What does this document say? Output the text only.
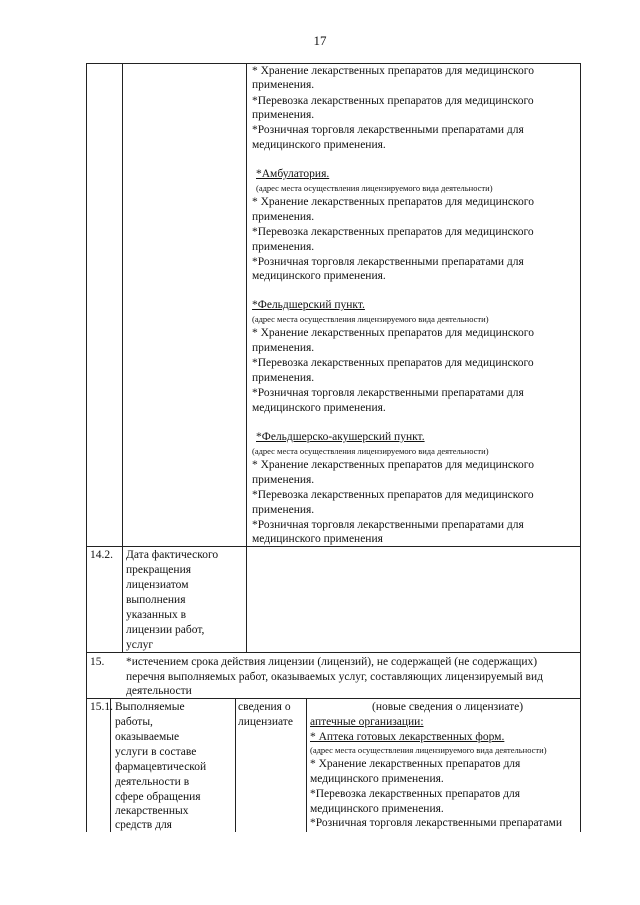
17
* Хранение лекарственных препаратов для медицинского
применения.
*Перевозка лекарственных препаратов для медицинского
применения.
*Розничная торговля лекарственными препаратами для
медицинского применения.
*Амбулатория.
(адрес места осуществления лицензируемого вида деятельности)
* Хранение лекарственных препаратов для медицинского
применения.
*Перевозка лекарственных препаратов для медицинского
применения.
*Розничная торговля лекарственными препаратами для
медицинского применения.
*Фельдшерский пункт.
(адрес места осуществления лицензируемого вида деятельности)
* Хранение лекарственных препаратов для медицинского
применения.
*Перевозка лекарственных препаратов для медицинского
применения.
*Розничная торговля лекарственными препаратами для
медицинского применения.
*Фельдшерско-акушерский пункт.
(адрес места осуществления лицензируемого вида деятельности)
* Хранение лекарственных препаратов для медицинского
применения.
*Перевозка лекарственных препаратов для медицинского
применения.
*Розничная торговля лекарственными препаратами для
медицинского применения
14.2. Дата фактического
прекращения
лицензиатом
выполнения
указанных в
лицензии работ,
услуг
15. *истечением срока действия лицензии (лицензий), не содержащей (не содержащих)
перечня выполняемых работ, оказываемых услуг, составляющих лицензируемый вид
деятельности
15.1. Выполняемые
работы,
оказываемые
услуги в составе
фармацевтической
деятельности в
сфере обращения
лекарственных
средств для
сведения о
лицензиате
(новые сведения о лицензиате)
аптечные организации:
* Аптека готовых лекарственных форм.
(адрес места осуществления лицензируемого вида деятельности)
* Хранение лекарственных препаратов для
медицинского применения.
*Перевозка лекарственных препаратов для
медицинского применения.
*Розничная торговля лекарственными препаратами
